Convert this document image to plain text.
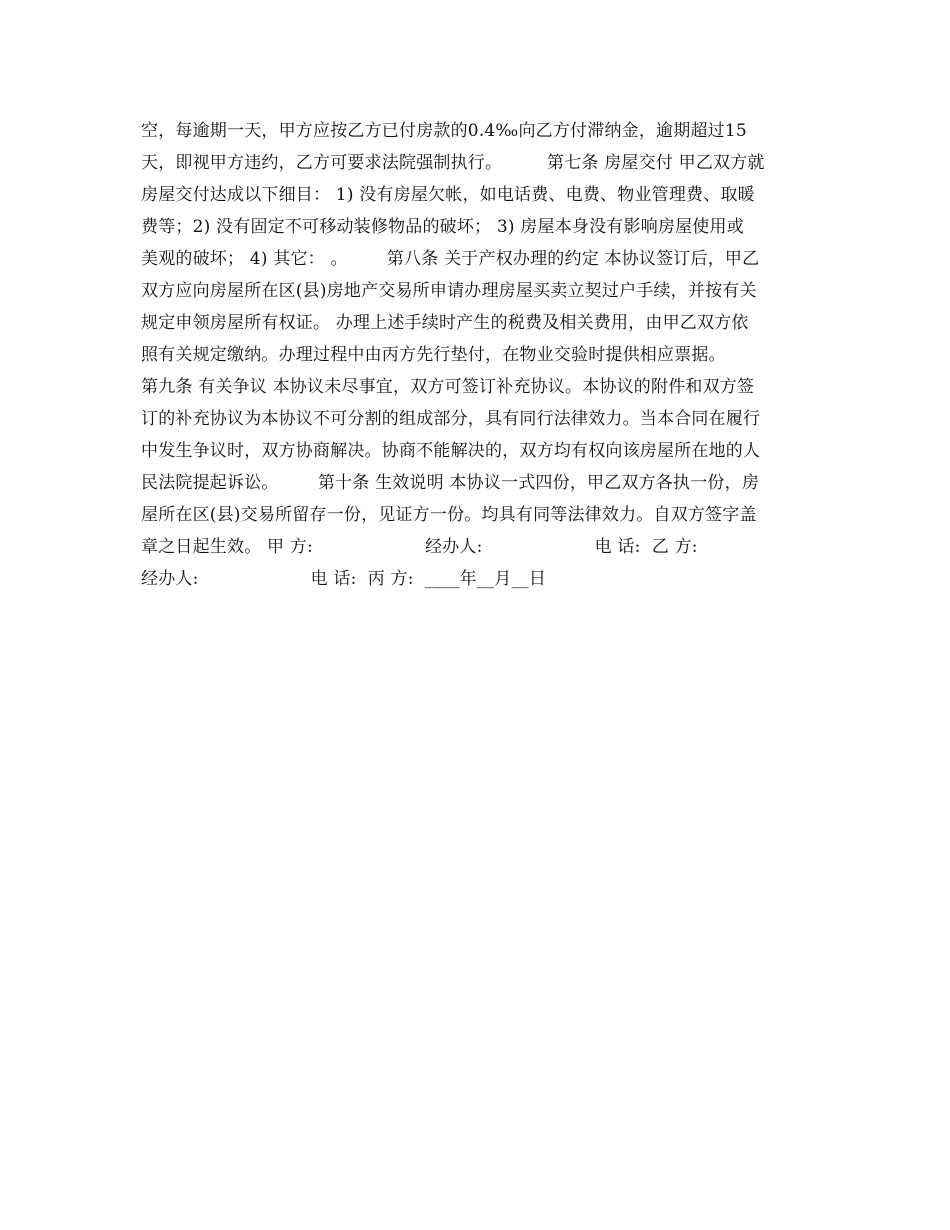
空，每逾期一天，甲方应按乙方已付房款的0.4‰向乙方付滞纳金，逾期超过15
天，即视甲方违约，乙方可要求法院强制执行。        第七条 房屋交付 甲乙双方就
房屋交付达成以下细目： 1) 没有房屋欠帐，如电话费、电费、物业管理费、取暖
费等；2) 没有固定不可移动装修物品的破坏； 3) 房屋本身没有影响房屋使用或
美观的破坏； 4) 其它： 。       第八条 关于产权办理的约定 本协议签订后，甲乙
双方应向房屋所在区(县)房地产交易所申请办理房屋买卖立契过户手续，并按有关
规定申领房屋所有权证。 办理上述手续时产生的税费及相关费用，由甲乙双方依
照有关规定缴纳。办理过程中由丙方先行垫付，在物业交验时提供相应票据。
第九条 有关争议 本协议未尽事宜，双方可签订补充协议。本协议的附件和双方签
订的补充协议为本协议不可分割的组成部分，具有同行法律效力。当本合同在履行
中发生争议时，双方协商解决。协商不能解决的，双方均有权向该房屋所在地的人
民法院提起诉讼。       第十条 生效说明 本协议一式四份，甲乙双方各执一份，房
屋所在区(县)交易所留存一份，见证方一份。均具有同等法律效力。自双方签字盖
章之日起生效。 甲 方:                    经办人:                    电 话:  乙 方:
经办人:                    电 话:  丙 方:  ____年__月__日
